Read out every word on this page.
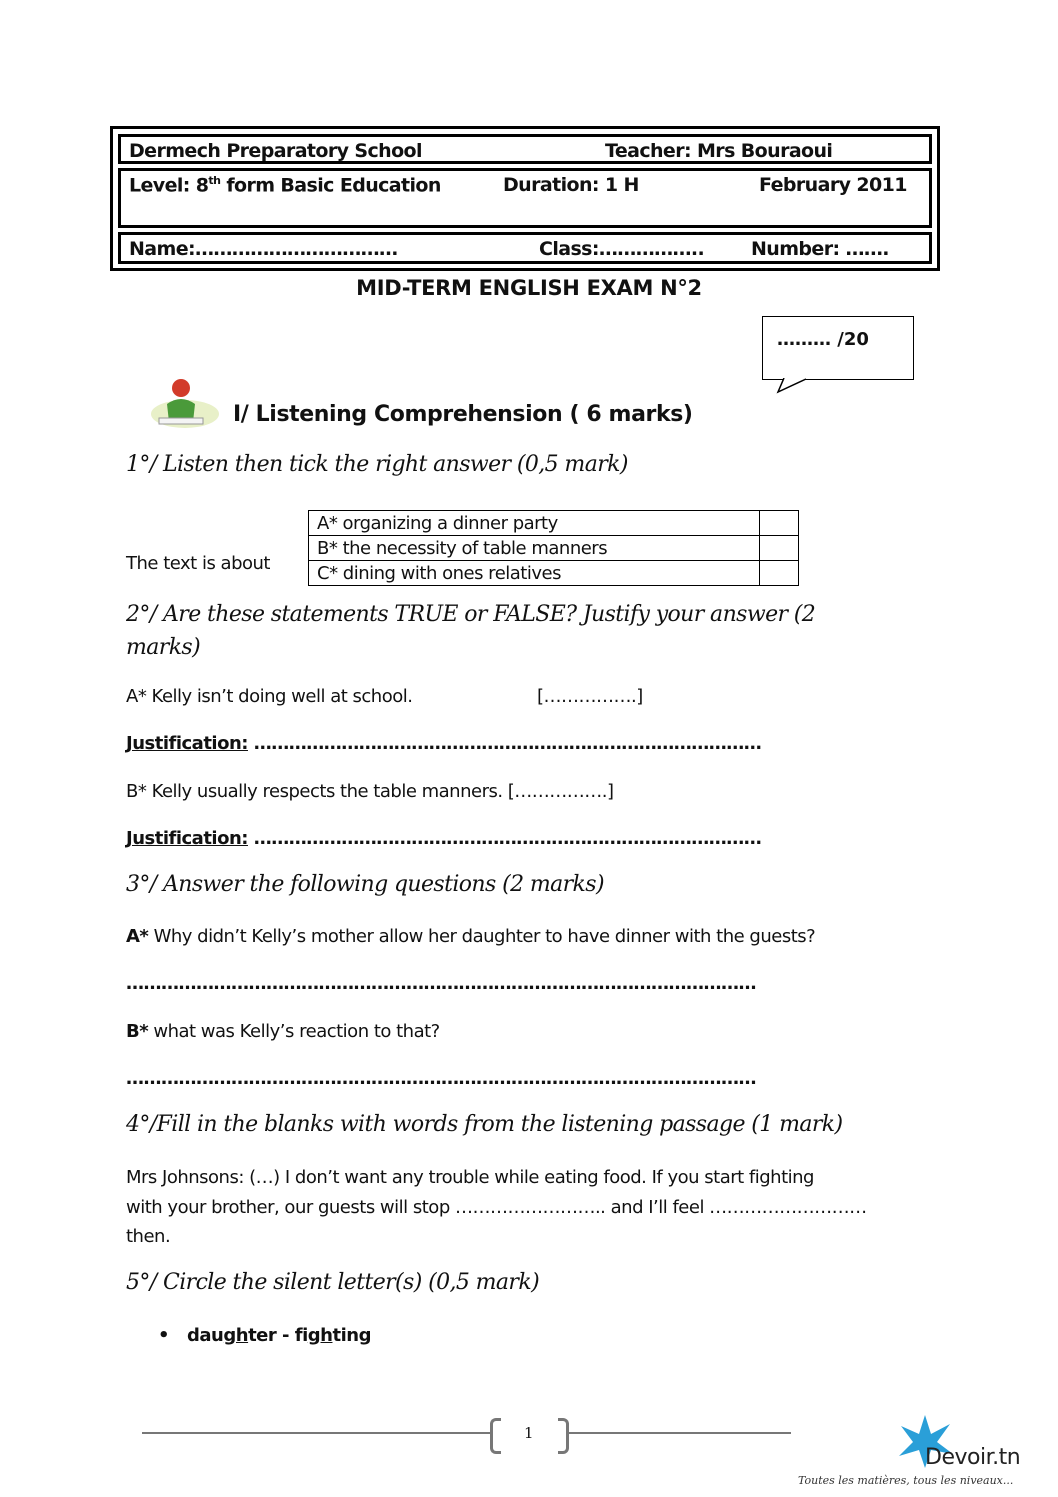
Dermech Preparatory School	Teacher: Mrs Bouraoui
Level: 8th form Basic Education	Duration: 1 H	February 2011
Name:……………………………	Class:…………….. Number: …….
MID-TERM ENGLISH EXAM N°2
……… /20
I/ Listening Comprehension ( 6 marks)
1°/ Listen then tick the right answer (0,5 mark)
The text is about
A* organizing a dinner party	
B* the necessity of table manners	
C* dining with ones relatives	
2°/ Are these statements TRUE or FALSE? Justify your answer (2 marks)
A* Kelly isn’t doing well at school.	[…………….]
Justification: ……………………………………………………………………………
B* Kelly usually respects the table manners. […………….]
Justification: ……………………………………………………………………………
3°/ Answer the following questions (2 marks)
A* Why didn’t Kelly’s mother allow her daughter to have dinner with the guests?
………………………………………………………………………………………………
B* what was Kelly’s reaction to that?
………………………………………………………………………………………………
4°/Fill in the blanks with words from the listening passage (1 mark)
Mrs Johnsons: (…) I don’t want any trouble while eating food. If you start fighting
with your brother, our guests will stop …………………….. and I’ll feel ………………………
then.
5°/ Circle the silent letter(s) (0,5 mark)
• daughter - fighting
1
Devoir.tn
Toutes les matières, tous les niveaux...
